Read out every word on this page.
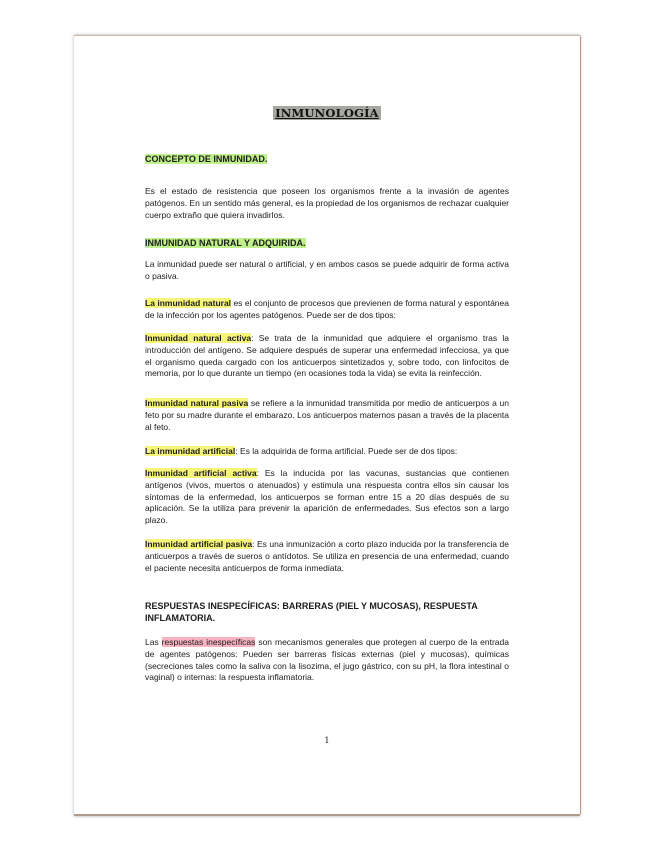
INMUNOLOGÍA
CONCEPTO DE INMUNIDAD.

Es el estado de resistencia que poseen los organismos frente a la invasión de agentes patógenos. En un sentido más general, es la propiedad de los organismos de rechazar cualquier cuerpo extraño que quiera invadirlos.

INMUNIDAD NATURAL Y ADQUIRIDA.

La inmunidad puede ser natural o artificial, y en ambos casos se puede adquirir de forma activa o pasiva.

La inmunidad natural es el conjunto de procesos que previenen de forma natural y espontánea de la infección por los agentes patógenos. Puede ser de dos tipos:

Inmunidad natural activa: Se trata de la inmunidad que adquiere el organismo tras la introducción del antígeno. Se adquiere después de superar una enfermedad infecciosa, ya que el organismo queda cargado con los anticuerpos sintetizados y, sobre todo, con linfocitos de memoria, por lo que durante un tiempo (en ocasiones toda la vida) se evita la reinfección.

Inmunidad natural pasiva se refiere a la inmunidad transmitida por medio de anticuerpos a un feto por su madre durante el embarazo. Los anticuerpos maternos pasan a través de la placenta al feto.

La inmunidad artificial: Es la adquirida de forma artificial. Puede ser de dos tipos:

Inmunidad artificial activa: Es la inducida por las vacunas, sustancias que contienen antígenos (vivos, muertos o atenuados) y estimula una respuesta contra ellos sin causar los síntomas de la enfermedad, los anticuerpos se forman entre 15 a 20 días después de su aplicación. Se la utiliza para prevenir la aparición de enfermedades. Sus efectos son a largo plazo.

Inmunidad artificial pasiva: Es una inmunización a corto plazo inducida por la transferencia de anticuerpos a través de sueros o antídotos. Se utiliza en presencia de una enfermedad, cuando el paciente necesita anticuerpos de forma inmediata.

RESPUESTAS INESPECÍFICAS: BARRERAS (PIEL Y MUCOSAS), RESPUESTA INFLAMATORIA.

Las respuestas inespecíficas son mecanismos generales que protegen al cuerpo de la entrada de agentes patógenos: Pueden ser barreras físicas externas (piel y mucosas), químicas (secreciones tales como la saliva con la lisozima, el jugo gástrico, con su pH, la flora intestinal o vaginal) o internas: la respuesta inflamatoria.

1
